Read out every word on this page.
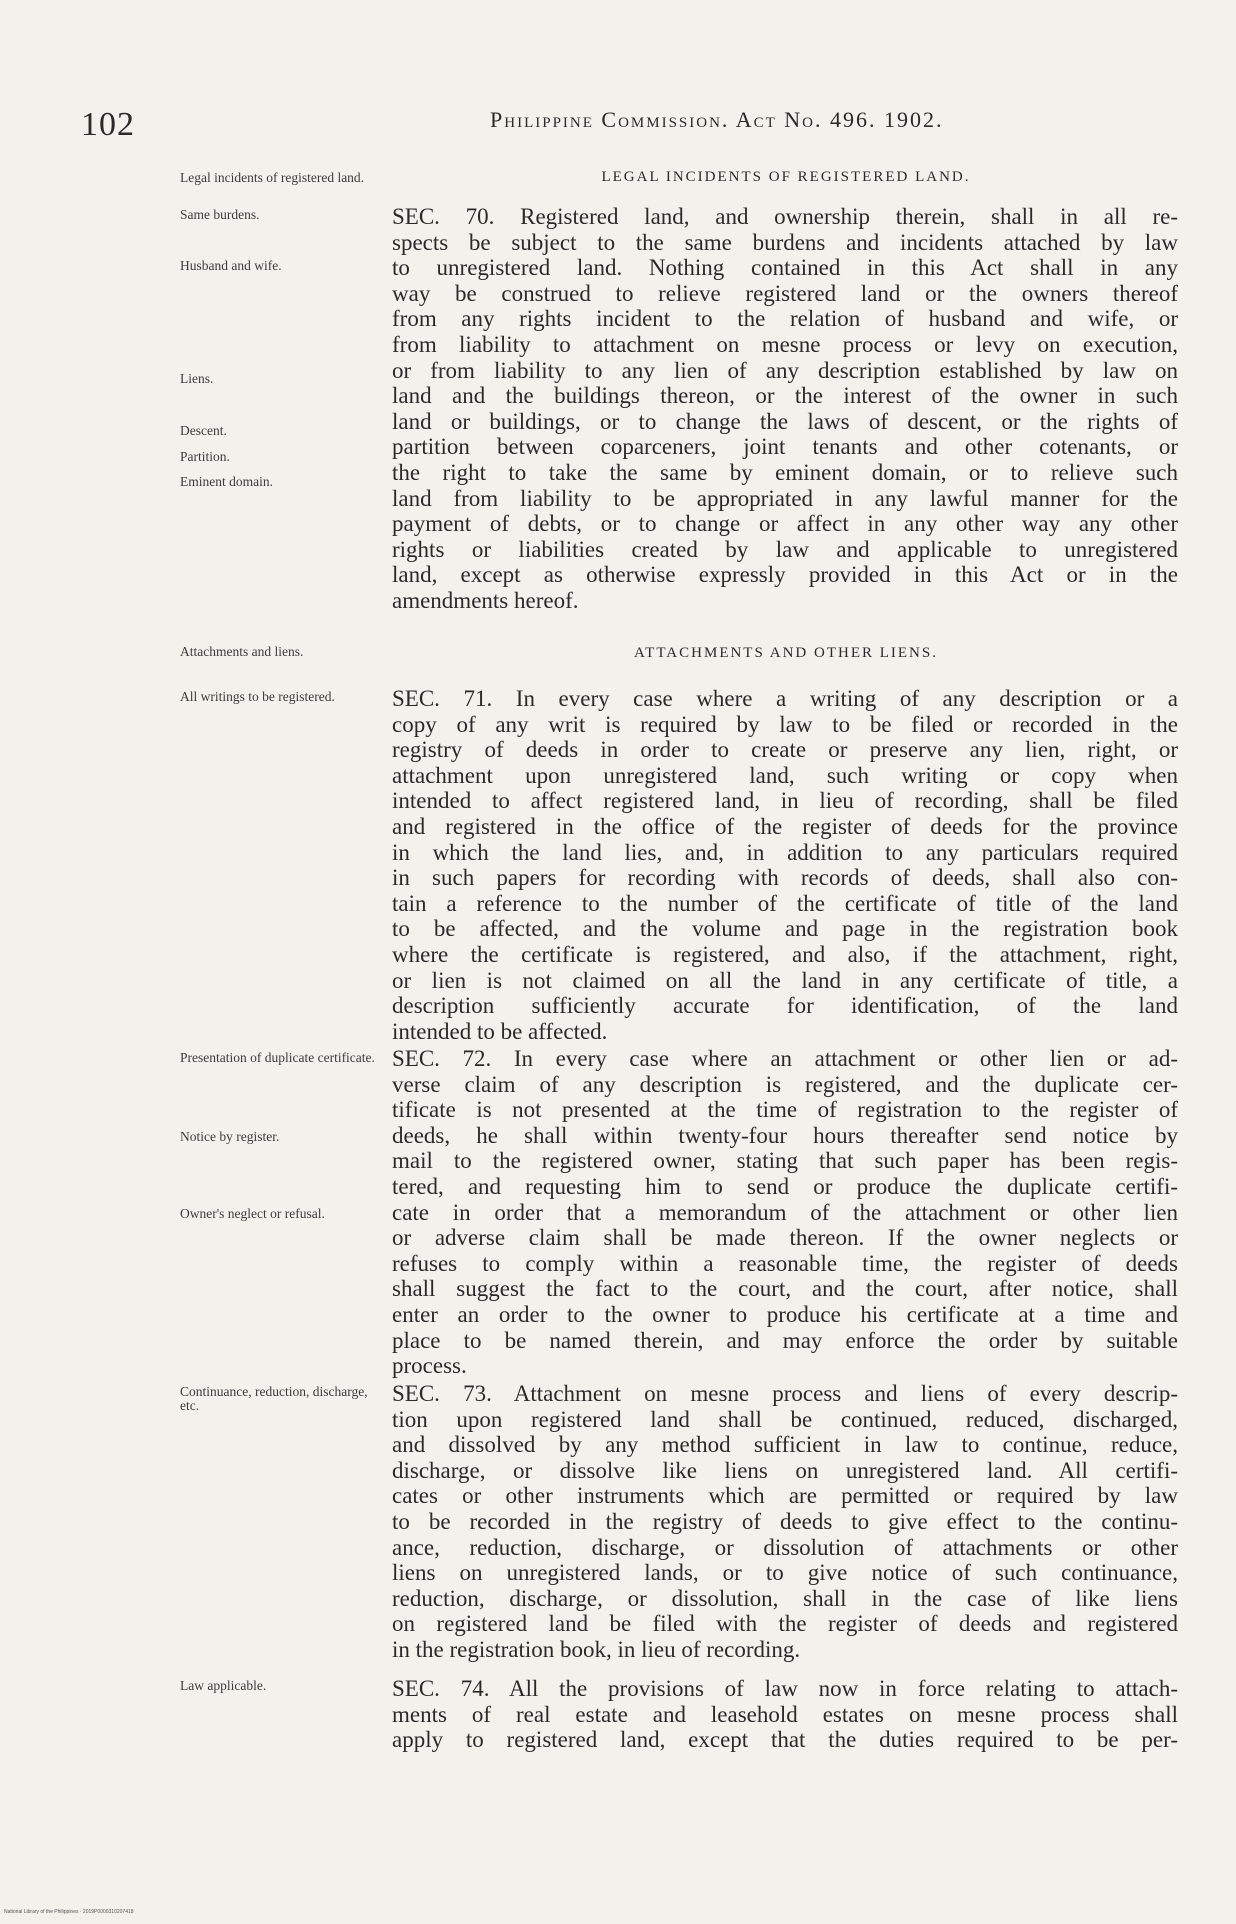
102	Philippine Commission. Act No. 496. 1902.
LEGAL INCIDENTS OF REGISTERED LAND.
Legal incidents of registered land.
Same burdens.
Husband and wife.
Liens.
Descent.
Partition.
Eminent domain.
SEC. 70. Registered land, and ownership therein, shall in all re-
spects be subject to the same burdens and incidents attached by law
to unregistered land. Nothing contained in this Act shall in any
way be construed to relieve registered land or the owners thereof
from any rights incident to the relation of husband and wife, or
from liability to attachment on mesne process or levy on execution,
or from liability to any lien of any description established by law on
land and the buildings thereon, or the interest of the owner in such
land or buildings, or to change the laws of descent, or the rights of
partition between coparceners, joint tenants and other cotenants, or
the right to take the same by eminent domain, or to relieve such
land from liability to be appropriated in any lawful manner for the
payment of debts, or to change or affect in any other way any other
rights or liabilities created by law and applicable to unregistered
land, except as otherwise expressly provided in this Act or in the
amendments hereof.
ATTACHMENTS AND OTHER LIENS.
Attachments and liens.
All writings to be registered.	SEC. 71. In every case where a writing of any description or a
copy of any writ is required by law to be filed or recorded in the
registry of deeds in order to create or preserve any lien, right, or
attachment upon unregistered land, such writing or copy when
intended to affect registered land, in lieu of recording, shall be filed
and registered in the office of the register of deeds for the province
in which the land lies, and, in addition to any particulars required
in such papers for recording with records of deeds, shall also con-
tain a reference to the number of the certificate of title of the land
to be affected, and the volume and page in the registration book
where the certificate is registered, and also, if the attachment, right,
or lien is not claimed on all the land in any certificate of title, a
description sufficiently accurate for identification, of the land
intended to be affected.
Presentation of duplicate certificate.
Notice by register.
Owner's neglect or refusal.
SEC. 72. In every case where an attachment or other lien or ad-
verse claim of any description is registered, and the duplicate cer-
tificate is not presented at the time of registration to the register of
deeds, he shall within twenty-four hours thereafter send notice by
mail to the registered owner, stating that such paper has been regis-
tered, and requesting him to send or produce the duplicate certifi-
cate in order that a memorandum of the attachment or other lien
or adverse claim shall be made thereon. If the owner neglects or
refuses to comply within a reasonable time, the register of deeds
shall suggest the fact to the court, and the court, after notice, shall
enter an order to the owner to produce his certificate at a time and
place to be named therein, and may enforce the order by suitable
process.
Continuance, reduction, discharge, etc.	SEC. 73. Attachment on mesne process and liens of every descrip-
tion upon registered land shall be continued, reduced, discharged,
and dissolved by any method sufficient in law to continue, reduce,
discharge, or dissolve like liens on unregistered land. All certifi-
cates or other instruments which are permitted or required by law
to be recorded in the registry of deeds to give effect to the continu-
ance, reduction, discharge, or dissolution of attachments or other
liens on unregistered lands, or to give notice of such continuance,
reduction, discharge, or dissolution, shall in the case of like liens
on registered land be filed with the register of deeds and registered
in the registration book, in lieu of recording.
Law applicable.	SEC. 74. All the provisions of law now in force relating to attach-
ments of real estate and leasehold estates on mesne process shall
apply to registered land, except that the duties required to be per-
National Library of the Philippines · 2019P0000310207418
